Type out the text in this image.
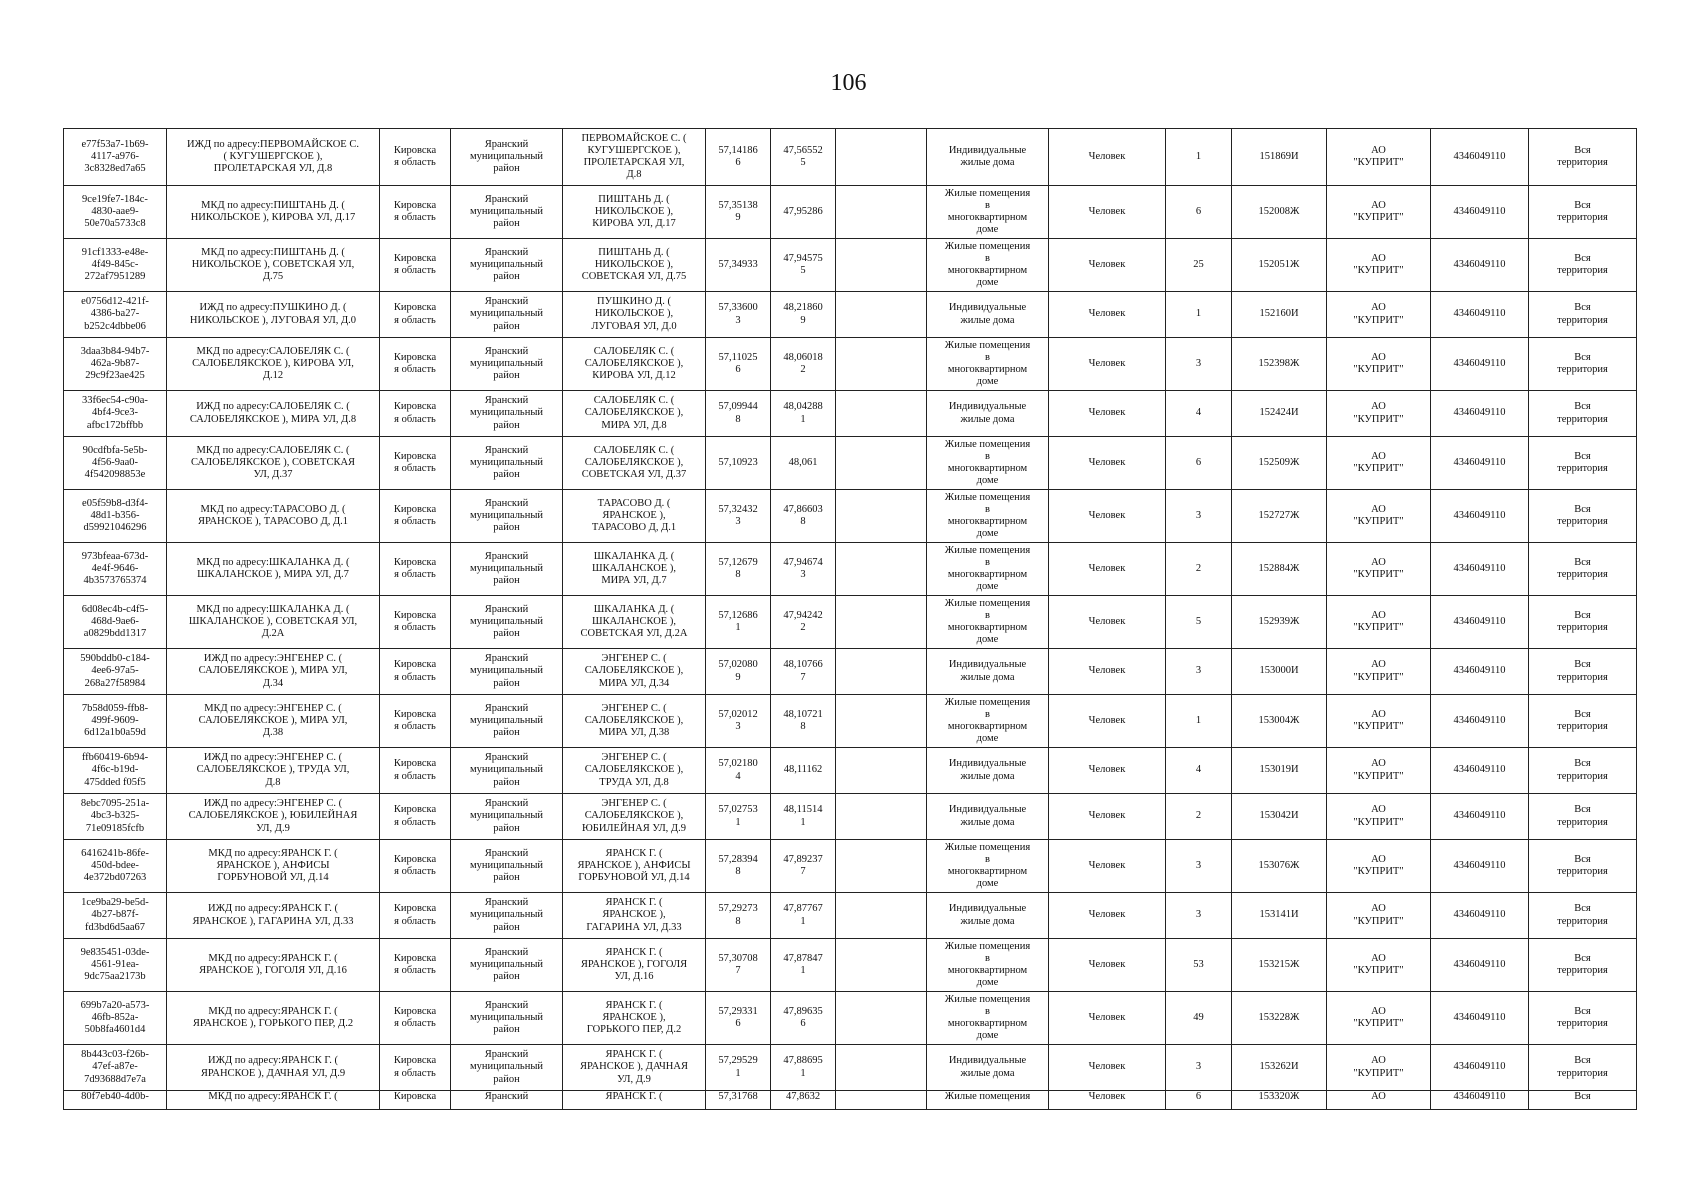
106
e77f53a7-1b69-
4117-a976-
3c8328ed7a65	ИЖД по адресу:ПЕРВОМАЙСКОЕ С.
( КУГУШЕРГСКОЕ ),
ПРОЛЕТАРСКАЯ УЛ, Д.8	Кировска
я область	Яранский
муниципальный
район	ПЕРВОМАЙСКОЕ С. (
КУГУШЕРГСКОЕ ),
ПРОЛЕТАРСКАЯ УЛ,
Д.8	57,14186
6	47,56552
5		Индивидуальные
жилые дома	Человек	1	151869И	АО
"КУПРИТ"	4346049110	Вся
территория
9ce19fe7-184c-
4830-aae9-
50e70a5733c8	МКД по адресу:ПИШТАНЬ Д. (
НИКОЛЬСКОЕ ), КИРОВА УЛ, Д.17	Кировска
я область	Яранский
муниципальный
район	ПИШТАНЬ Д. (
НИКОЛЬСКОЕ ),
КИРОВА УЛ, Д.17	57,35138
9	47,95286		Жилые помещения
в
многоквартирном
доме	Человек	6	152008Ж	АО
"КУПРИТ"	4346049110	Вся
территория
91cf1333-e48e-
4f49-845c-
272af7951289	МКД по адресу:ПИШТАНЬ Д. (
НИКОЛЬСКОЕ ), СОВЕТСКАЯ УЛ,
Д.75	Кировска
я область	Яранский
муниципальный
район	ПИШТАНЬ Д. (
НИКОЛЬСКОЕ ),
СОВЕТСКАЯ УЛ, Д.75	57,34933	47,94575
5		Жилые помещения
в
многоквартирном
доме	Человек	25	152051Ж	АО
"КУПРИТ"	4346049110	Вся
территория
e0756d12-421f-
4386-ba27-
b252c4dbbe06	ИЖД по адресу:ПУШКИНО Д. (
НИКОЛЬСКОЕ ), ЛУГОВАЯ УЛ, Д.0	Кировска
я область	Яранский
муниципальный
район	ПУШКИНО Д. (
НИКОЛЬСКОЕ ),
ЛУГОВАЯ УЛ, Д.0	57,33600
3	48,21860
9		Индивидуальные
жилые дома	Человек	1	152160И	АО
"КУПРИТ"	4346049110	Вся
территория
3daa3b84-94b7-
462a-9b87-
29c9f23ae425	МКД по адресу:САЛОБЕЛЯК С. (
САЛОБЕЛЯКСКОЕ ), КИРОВА УЛ,
Д.12	Кировска
я область	Яранский
муниципальный
район	САЛОБЕЛЯК С. (
САЛОБЕЛЯКСКОЕ ),
КИРОВА УЛ, Д.12	57,11025
6	48,06018
2		Жилые помещения
в
многоквартирном
доме	Человек	3	152398Ж	АО
"КУПРИТ"	4346049110	Вся
территория
33f6ec54-c90a-
4bf4-9ce3-
afbc172bffbb	ИЖД по адресу:САЛОБЕЛЯК С. (
САЛОБЕЛЯКСКОЕ ), МИРА УЛ, Д.8	Кировска
я область	Яранский
муниципальный
район	САЛОБЕЛЯК С. (
САЛОБЕЛЯКСКОЕ ),
МИРА УЛ, Д.8	57,09944
8	48,04288
1		Индивидуальные
жилые дома	Человек	4	152424И	АО
"КУПРИТ"	4346049110	Вся
территория
90cdfbfa-5e5b-
4f56-9aa0-
4f542098853e	МКД по адресу:САЛОБЕЛЯК С. (
САЛОБЕЛЯКСКОЕ ), СОВЕТСКАЯ
УЛ, Д.37	Кировска
я область	Яранский
муниципальный
район	САЛОБЕЛЯК С. (
САЛОБЕЛЯКСКОЕ ),
СОВЕТСКАЯ УЛ, Д.37	57,10923	48,061		Жилые помещения
в
многоквартирном
доме	Человек	6	152509Ж	АО
"КУПРИТ"	4346049110	Вся
территория
e05f59b8-d3f4-
48d1-b356-
d59921046296	МКД по адресу:ТАРАСОВО Д. (
ЯРАНСКОЕ ), ТАРАСОВО Д, Д.1	Кировска
я область	Яранский
муниципальный
район	ТАРАСОВО Д. (
ЯРАНСКОЕ ),
ТАРАСОВО Д, Д.1	57,32432
3	47,86603
8		Жилые помещения
в
многоквартирном
доме	Человек	3	152727Ж	АО
"КУПРИТ"	4346049110	Вся
территория
973bfeaa-673d-
4e4f-9646-
4b3573765374	МКД по адресу:ШКАЛАНКА Д. (
ШКАЛАНСКОЕ ), МИРА УЛ, Д.7	Кировска
я область	Яранский
муниципальный
район	ШКАЛАНКА Д. (
ШКАЛАНСКОЕ ),
МИРА УЛ, Д.7	57,12679
8	47,94674
3		Жилые помещения
в
многоквартирном
доме	Человек	2	152884Ж	АО
"КУПРИТ"	4346049110	Вся
территория
6d08ec4b-c4f5-
468d-9ae6-
a0829bdd1317	МКД по адресу:ШКАЛАНКА Д. (
ШКАЛАНСКОЕ ), СОВЕТСКАЯ УЛ,
Д.2А	Кировска
я область	Яранский
муниципальный
район	ШКАЛАНКА Д. (
ШКАЛАНСКОЕ ),
СОВЕТСКАЯ УЛ, Д.2А	57,12686
1	47,94242
2		Жилые помещения
в
многоквартирном
доме	Человек	5	152939Ж	АО
"КУПРИТ"	4346049110	Вся
территория
590bddb0-c184-
4ee6-97a5-
268a27f58984	ИЖД по адресу:ЭНГЕНЕР С. (
САЛОБЕЛЯКСКОЕ ), МИРА УЛ,
Д.34	Кировска
я область	Яранский
муниципальный
район	ЭНГЕНЕР С. (
САЛОБЕЛЯКСКОЕ ),
МИРА УЛ, Д.34	57,02080
9	48,10766
7		Индивидуальные
жилые дома	Человек	3	153000И	АО
"КУПРИТ"	4346049110	Вся
территория
7b58d059-ffb8-
499f-9609-
6d12a1b0a59d	МКД по адресу:ЭНГЕНЕР С. (
САЛОБЕЛЯКСКОЕ ), МИРА УЛ,
Д.38	Кировска
я область	Яранский
муниципальный
район	ЭНГЕНЕР С. (
САЛОБЕЛЯКСКОЕ ),
МИРА УЛ, Д.38	57,02012
3	48,10721
8		Жилые помещения
в
многоквартирном
доме	Человек	1	153004Ж	АО
"КУПРИТ"	4346049110	Вся
территория
ffb60419-6b94-
4f6c-b19d-
475dded f05f5	ИЖД по адресу:ЭНГЕНЕР С. (
САЛОБЕЛЯКСКОЕ ), ТРУДА УЛ,
Д.8	Кировска
я область	Яранский
муниципальный
район	ЭНГЕНЕР С. (
САЛОБЕЛЯКСКОЕ ),
ТРУДА УЛ, Д.8	57,02180
4	48,11162		Индивидуальные
жилые дома	Человек	4	153019И	АО
"КУПРИТ"	4346049110	Вся
территория
8ebc7095-251a-
4bc3-b325-
71e09185fcfb	ИЖД по адресу:ЭНГЕНЕР С. (
САЛОБЕЛЯКСКОЕ ), ЮБИЛЕЙНАЯ
УЛ, Д.9	Кировска
я область	Яранский
муниципальный
район	ЭНГЕНЕР С. (
САЛОБЕЛЯКСКОЕ ),
ЮБИЛЕЙНАЯ УЛ, Д.9	57,02753
1	48,11514
1		Индивидуальные
жилые дома	Человек	2	153042И	АО
"КУПРИТ"	4346049110	Вся
территория
6416241b-86fe-
450d-bdee-
4e372bd07263	МКД по адресу:ЯРАНСК Г. (
ЯРАНСКОЕ ), АНФИСЫ
ГОРБУНОВОЙ УЛ, Д.14	Кировска
я область	Яранский
муниципальный
район	ЯРАНСК Г. (
ЯРАНСКОЕ ), АНФИСЫ
ГОРБУНОВОЙ УЛ, Д.14	57,28394
8	47,89237
7		Жилые помещения
в
многоквартирном
доме	Человек	3	153076Ж	АО
"КУПРИТ"	4346049110	Вся
территория
1ce9ba29-be5d-
4b27-b87f-
fd3bd6d5aa67	ИЖД по адресу:ЯРАНСК Г. (
ЯРАНСКОЕ ), ГАГАРИНА УЛ, Д.33	Кировска
я область	Яранский
муниципальный
район	ЯРАНСК Г. (
ЯРАНСКОЕ ),
ГАГАРИНА УЛ, Д.33	57,29273
8	47,87767
1		Индивидуальные
жилые дома	Человек	3	153141И	АО
"КУПРИТ"	4346049110	Вся
территория
9e835451-03de-
4561-91ea-
9dc75aa2173b	МКД по адресу:ЯРАНСК Г. (
ЯРАНСКОЕ ), ГОГОЛЯ УЛ, Д.16	Кировска
я область	Яранский
муниципальный
район	ЯРАНСК Г. (
ЯРАНСКОЕ ), ГОГОЛЯ
УЛ, Д.16	57,30708
7	47,87847
1		Жилые помещения
в
многоквартирном
доме	Человек	53	153215Ж	АО
"КУПРИТ"	4346049110	Вся
территория
699b7a20-a573-
46fb-852a-
50b8fa4601d4	МКД по адресу:ЯРАНСК Г. (
ЯРАНСКОЕ ), ГОРЬКОГО ПЕР, Д.2	Кировска
я область	Яранский
муниципальный
район	ЯРАНСК Г. (
ЯРАНСКОЕ ),
ГОРЬКОГО ПЕР, Д.2	57,29331
6	47,89635
6		Жилые помещения
в
многоквартирном
доме	Человек	49	153228Ж	АО
"КУПРИТ"	4346049110	Вся
территория
8b443c03-f26b-
47ef-a87e-
7d93688d7e7a	ИЖД по адресу:ЯРАНСК Г. (
ЯРАНСКОЕ ), ДАЧНАЯ УЛ, Д.9	Кировска
я область	Яранский
муниципальный
район	ЯРАНСК Г. (
ЯРАНСКОЕ ), ДАЧНАЯ
УЛ, Д.9	57,29529
1	47,88695
1		Индивидуальные
жилые дома	Человек	3	153262И	АО
"КУПРИТ"	4346049110	Вся
территория
80f7eb40-4d0b-	МКД по адресу:ЯРАНСК Г. (	Кировска	Яранский	ЯРАНСК Г. (	57,31768	47,8632		Жилые помещения	Человек	6	153320Ж	АО	4346049110	Вся
